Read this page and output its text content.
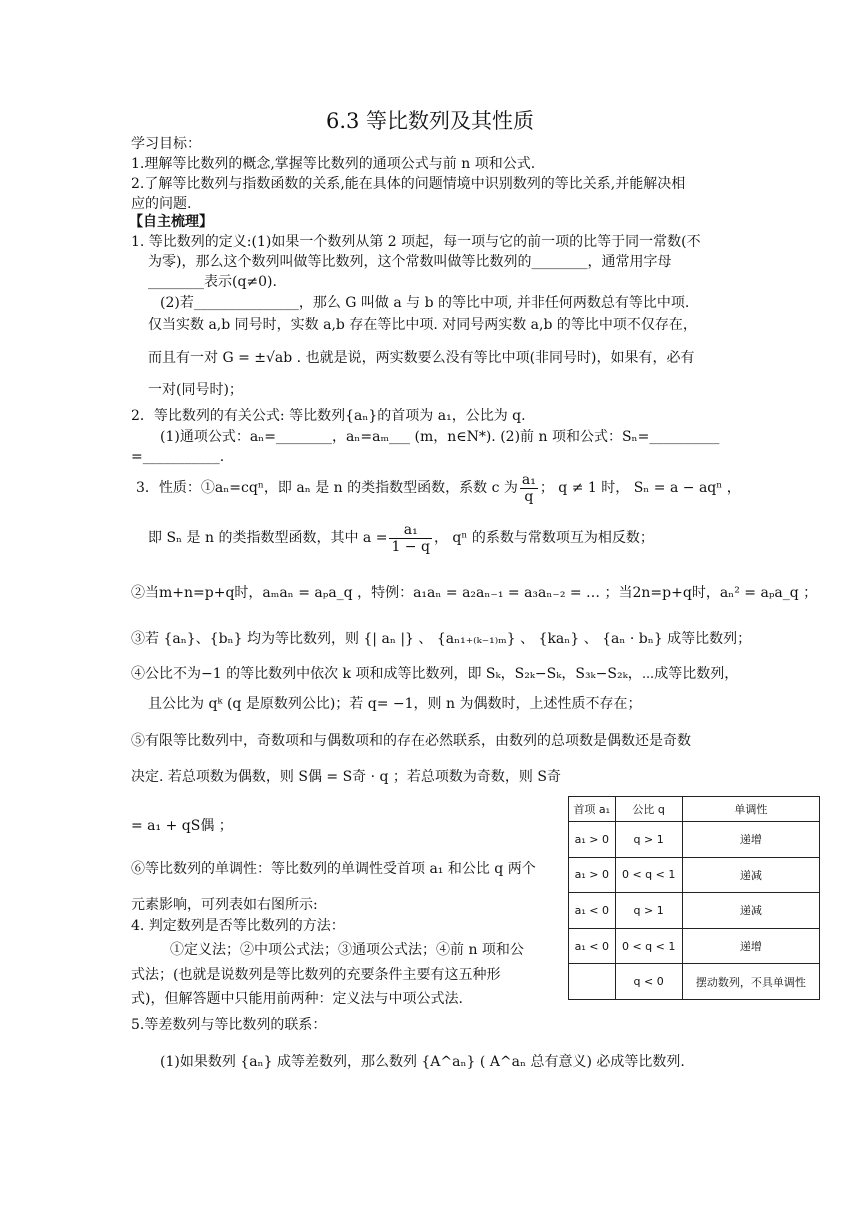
6.3 等比数列及其性质
学习目标：
1.理解等比数列的概念,掌握等比数列的通项公式与前 n 项和公式.
2.了解等比数列与指数函数的关系,能在具体的问题情境中识别数列的等比关系,并能解决相
应的问题.
【自主梳理】
1. 等比数列的定义:(1)如果一个数列从第 2 项起，每一项与它的前一项的比等于同一常数(不
为零)，那么这个数列叫做等比数列，这个常数叫做等比数列的________，通常用字母
________表示(q≠0).
(2)若_______________，那么 G 叫做 a 与 b 的等比中项, 并非任何两数总有等比中项.
仅当实数 a,b 同号时，实数 a,b 存在等比中项. 对同号两实数 a,b 的等比中项不仅存在，
而且有一对 G = ±√ab . 也就是说，两实数要么没有等比中项(非同号时)，如果有，必有
一对(同号时)；
2．等比数列的有关公式: 等比数列{aₙ}的首项为 a₁，公比为 q.
(1)通项公式：aₙ=________，aₙ=aₘ___ (m，n∈N*). (2)前 n 项和公式：Sₙ=__________
=___________.
3．性质：①aₙ=cqⁿ，即 aₙ 是 n 的类指数型函数，系数 c 为 $\frac{\text{a₁}}{q}$ ； q ≠ 1 时， Sₙ = a − aqⁿ ，
即 Sₙ 是 n 的类指数型函数，其中 $a = \frac{\text{a₁}}{1 - q}$ ， qⁿ 的系数与常数项互为相反数；
②当m+n=p+q时，aₘaₙ = aₚa_q ，特例：a₁aₙ = a₂aₙ₋₁ = a₃aₙ₋₂ = … ；当2n=p+q时，aₙ² = aₚa_q ；
③若 {aₙ}、{bₙ} 均为等比数列，则 {| aₙ |} 、 {aₙ₁₊₍ₖ₋₁₎ₘ} 、 {kaₙ} 、 {aₙ · bₙ} 成等比数列；
④公比不为−1 的等比数列中依次 k 项和成等比数列，即 Sₖ，S₂ₖ−Sₖ，S₃ₖ−S₂ₖ，⋯成等比数列，
且公比为 qᵏ (q 是原数列公比)；若 q= −1，则 n 为偶数时，上述性质不存在；
⑤有限等比数列中，奇数项和与偶数项和的存在必然联系，由数列的总项数是偶数还是奇数
决定. 若总项数为偶数，则 S偶 = S奇 · q ；若总项数为奇数，则 S奇
= a₁ + qS偶 ；
⑥等比数列的单调性：等比数列的单调性受首项 a₁ 和公比 q 两个
元素影响，可列表如右图所示:
4. 判定数列是否等比数列的方法：
①定义法；②中项公式法；③通项公式法；④前 n 项和公
式法；(也就是说数列是等比数列的充要条件主要有这五种形
式)，但解答题中只能用前两种：定义法与中项公式法.
5.等差数列与等比数列的联系：
(1)如果数列 {aₙ} 成等差数列，那么数列 {A^aₙ} ( A^aₙ 总有意义) 必成等比数列.
首项 a₁	公比 q	单调性
a₁ > 0	q > 1	递增
a₁ > 0	0 < q < 1	递减
a₁ < 0	q > 1	递减
a₁ < 0	0 < q < 1	递增
	q < 0	摆动数列，不具单调性
